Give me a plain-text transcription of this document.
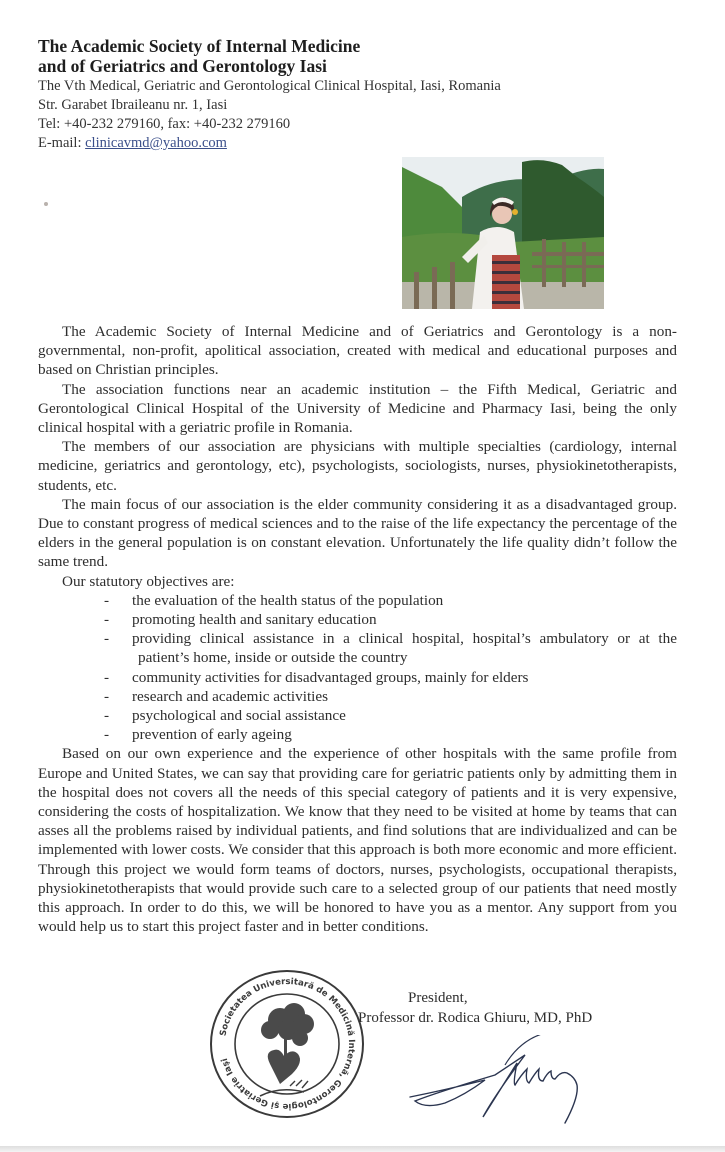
The Academic Society of Internal Medicine

and of Geriatrics and Gerontology Iasi

The Vth Medical, Geriatric and Gerontological Clinical Hospital, Iasi, Romania

Str. Garabet Ibraileanu nr. 1, Iasi

Tel: +40-232 279160, fax: +40-232 279160

E-mail: clinicavmd@yahoo.com

The Academic Society of Internal Medicine and of Geriatrics and Gerontology is a non-governmental, non-profit, apolitical association, created with medical and educational purposes and based on Christian principles.

The association functions near an academic institution – the Fifth Medical, Geriatric and Gerontological Clinical Hospital of the University of Medicine and Pharmacy Iasi, being the only clinical hospital with a geriatric profile in Romania.

The members of our association are physicians with multiple specialties (cardiology, internal medicine, geriatrics and gerontology, etc), psychologists, sociologists, nurses, physiokinetotherapists, students, etc.

The main focus of our association is the elder community considering it as a disadvantaged group. Due to constant progress of medical sciences and to the raise of the life expectancy the percentage of the elders in the general population is on constant elevation. Unfortunately the life quality didn’t follow the same trend.

Our statutory objectives are:

- the evaluation of the health status of the population
- promoting health and sanitary education
- providing clinical assistance in a clinical hospital, hospital’s ambulatory or at the patient’s home, inside or outside the country
- community activities for disadvantaged groups, mainly for elders
- research and academic activities
- psychological and social assistance
- prevention of early ageing

Based on our own experience and the experience of other hospitals with the same profile from Europe and United States, we can say that providing care for geriatric patients only by admitting them in the hospital does not covers all the needs of this special category of patients and it is very expensive, considering the costs of hospitalization. We know that they need to be visited at home by teams that can asses all the problems raised by individual patients, and find solutions that are individualized and can be implemented with lower costs. We consider that this approach is both more economic and more efficient. Through this project we would form teams of doctors, nurses, psychologists, occupational therapists, physiokinetotherapists that would provide such care to a selected group of our patients that need mostly this approach. In order to do this, we will be honored to have you as a mentor. Any support from you would help us to start this project faster and in better conditions.

Societatea Universitară de Medicină Internă, Gerontologie şi Geriatrie Iaşi
President,
Professor dr. Rodica Ghiuru, MD, PhD
